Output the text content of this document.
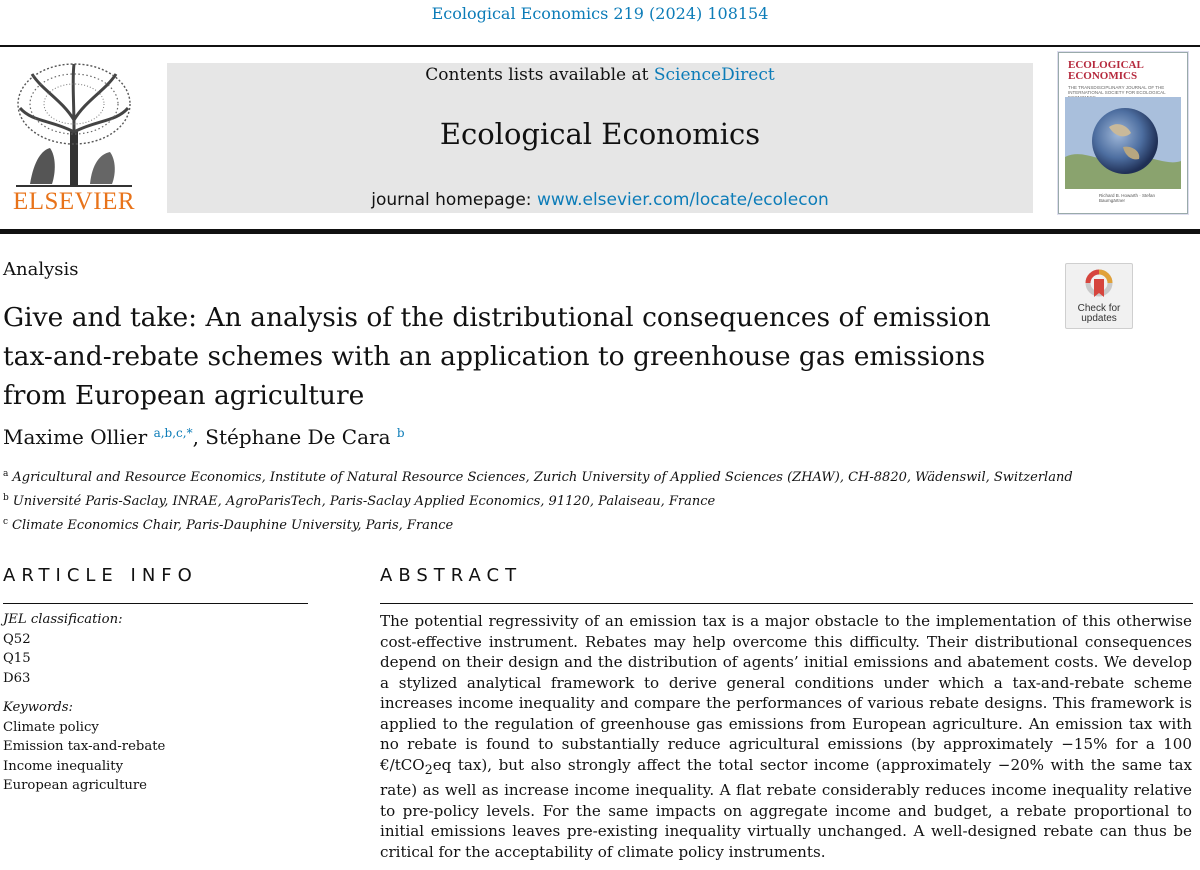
Ecological Economics 219 (2024) 108154
ELSEVIER
Contents lists available at ScienceDirect
Ecological Economics
journal homepage: www.elsevier.com/locate/ecolecon
ECOLOGICAL
ECONOMICS
THE TRANSDISCIPLINARY JOURNAL OF THE INTERNATIONAL SOCIETY FOR ECOLOGICAL
Richard B. Howarth · Stefan Baumgärtner
Analysis
Give and take: An analysis of the distributional consequences of emission tax-and-rebate schemes with an application to greenhouse gas emissions from European agriculture
Check for
updates
Maxime Ollier $^{a,b,c,*}$, Stéphane De Cara $^b$
$^a$ Agricultural and Resource Economics, Institute of Natural Resource Sciences, Zurich University of Applied Sciences (ZHAW), CH-8820, Wädenswil, Switzerland
$^b$ Université Paris-Saclay, INRAE, AgroParisTech, Paris-Saclay Applied Economics, 91120, Palaiseau, France
$^c$ Climate Economics Chair, Paris-Dauphine University, Paris, France
ARTICLE INFO	ABSTRACT
JEL classification:
Q52
Q15
D63
Keywords:
Climate policy
Emission tax-and-rebate
Income inequality
European agriculture

The potential regressivity of an emission tax is a major obstacle to the implementation of this otherwise cost-effective instrument. Rebates may help overcome this difficulty. Their distributional consequences depend on their design and the distribution of agents’ initial emissions and abatement costs. We develop a stylized analytical framework to derive general conditions under which a tax-and-rebate scheme increases income inequality and compare the performances of various rebate designs. This framework is applied to the regulation of greenhouse gas emissions from European agriculture. An emission tax with no rebate is found to substantially reduce agricultural emissions (by approximately −15% for a 100 €/tCO$_2$eq tax), but also strongly affect the total sector income (approximately −20% with the same tax rate) as well as increase income inequality. A flat rebate considerably reduces income inequality relative to pre-policy levels. For the same impacts on aggregate income and budget, a rebate proportional to initial emissions leaves pre-existing inequality virtually unchanged. A well-designed rebate can thus be critical for the acceptability of climate policy instruments.
